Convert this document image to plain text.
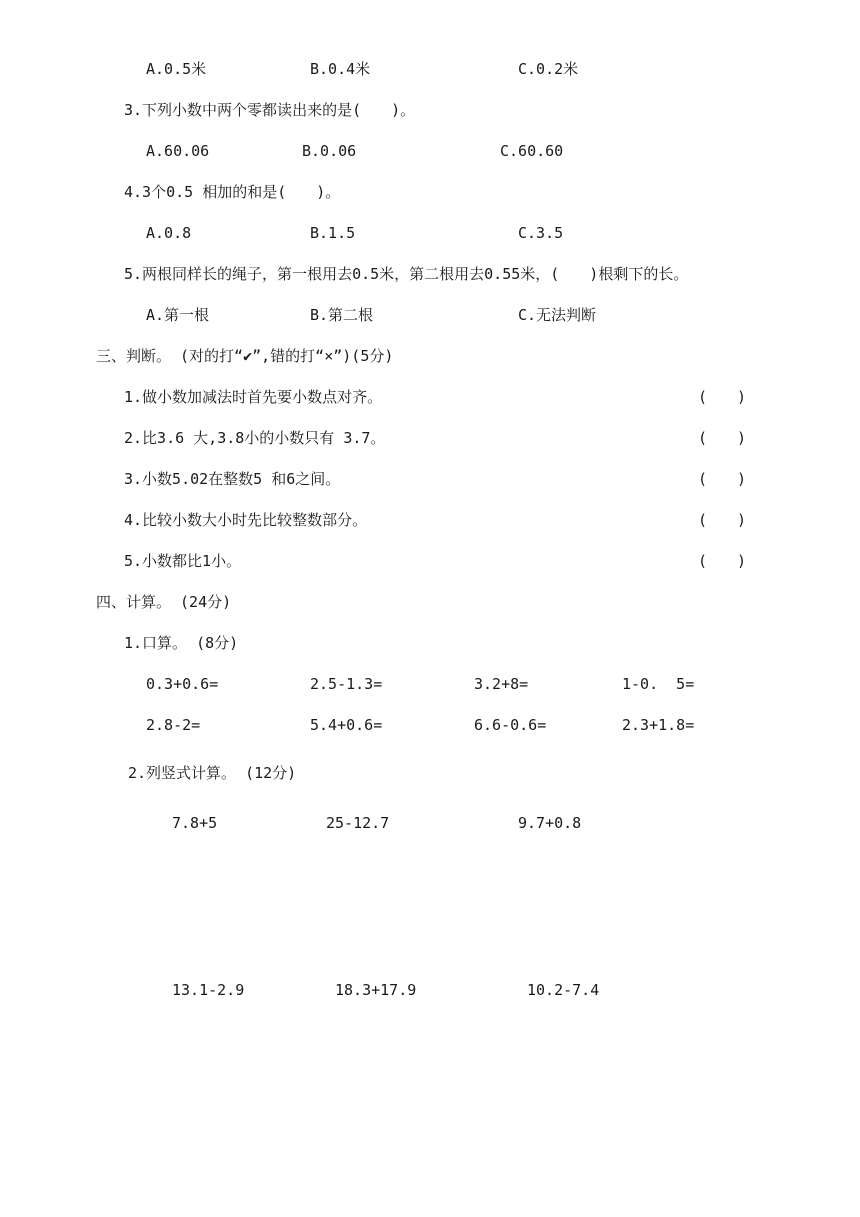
A.0.5米	B.0.4米	C.0.2米
3.下列小数中两个零都读出来的是(　　)。
A.60.06	B.0.06	C.60.60
4.3个0.5 相加的和是(　　)。
A.0.8	B.1.5	C.3.5
5.两根同样长的绳子，第一根用去0.5米，第二根用去0.55米，(　　)根剩下的长。
A.第一根	B.第二根	C.无法判断
三、判断。 (对的打“✔”,错的打“×”)(5分)
1.做小数加减法时首先要小数点对齐。	(　　)
2.比3.6 大,3.8小的小数只有 3.7。	(　　)
3.小数5.02在整数5 和6之间。	(　　)
4.比较小数大小时先比较整数部分。	(　　)
5.小数都比1小。	(　　)
四、计算。 (24分)
1.口算。 (8分)
0.3+0.6=	2.5-1.3=	3.2+8=	1-0.  5=
2.8-2=	5.4+0.6=	6.6-0.6=	2.3+1.8=
2.列竖式计算。 (12分)
7.8+5	25-12.7	9.7+0.8
13.1-2.9	18.3+17.9	10.2-7.4
